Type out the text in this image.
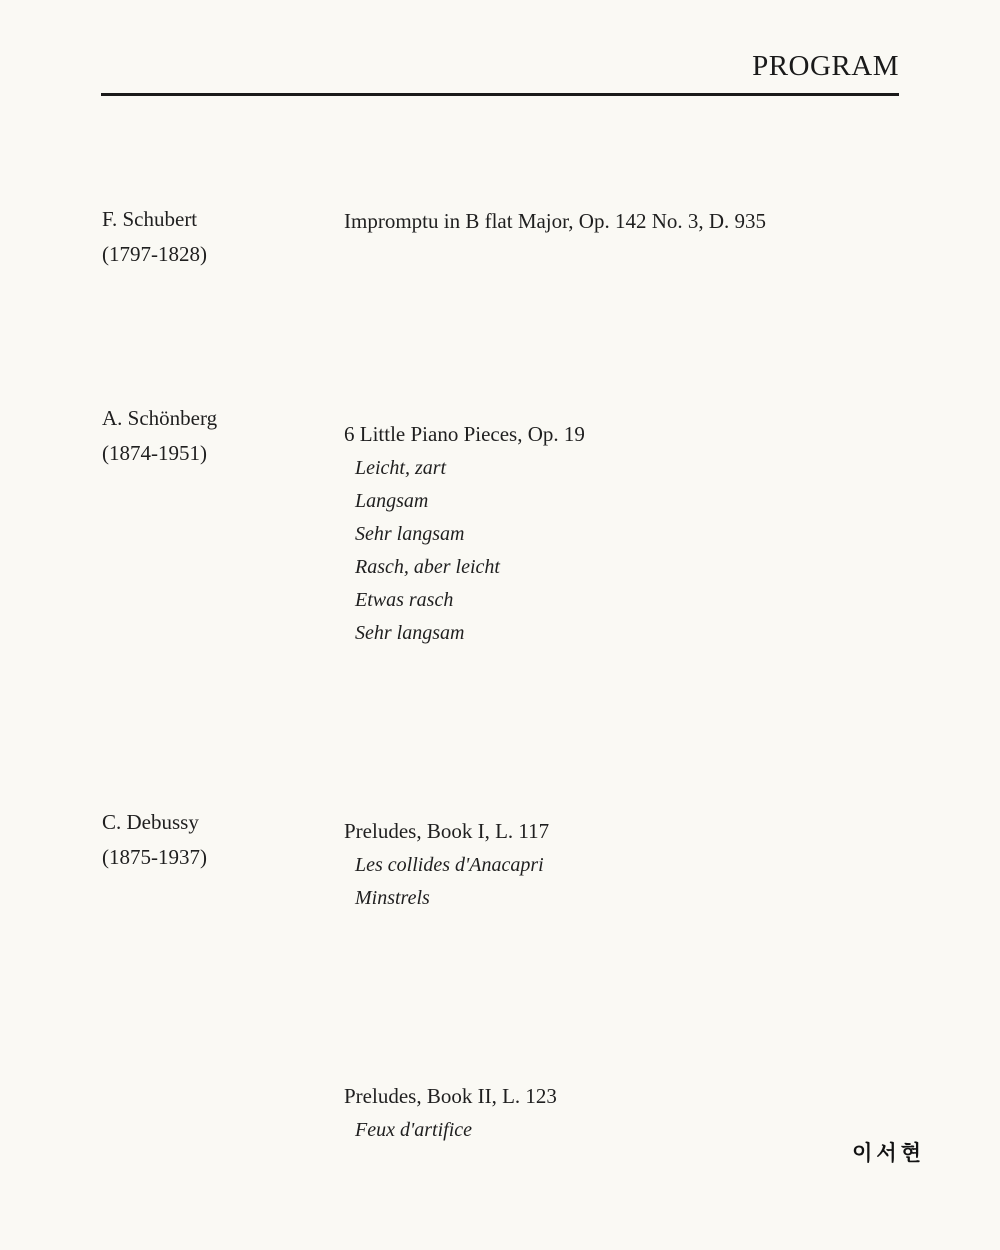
PROGRAM
F. Schubert
(1797-1828)
Impromptu in B flat Major, Op. 142 No. 3, D. 935
A. Schönberg
(1874-1951)
6 Little Piano Pieces, Op. 19
Leicht, zart
Langsam
Sehr langsam
Rasch, aber leicht
Etwas rasch
Sehr langsam
C. Debussy
(1875-1937)
Preludes, Book I, L. 117
Les collides d'Anacapri
Minstrels
Preludes, Book II, L. 123
Feux d'artifice
이서현
